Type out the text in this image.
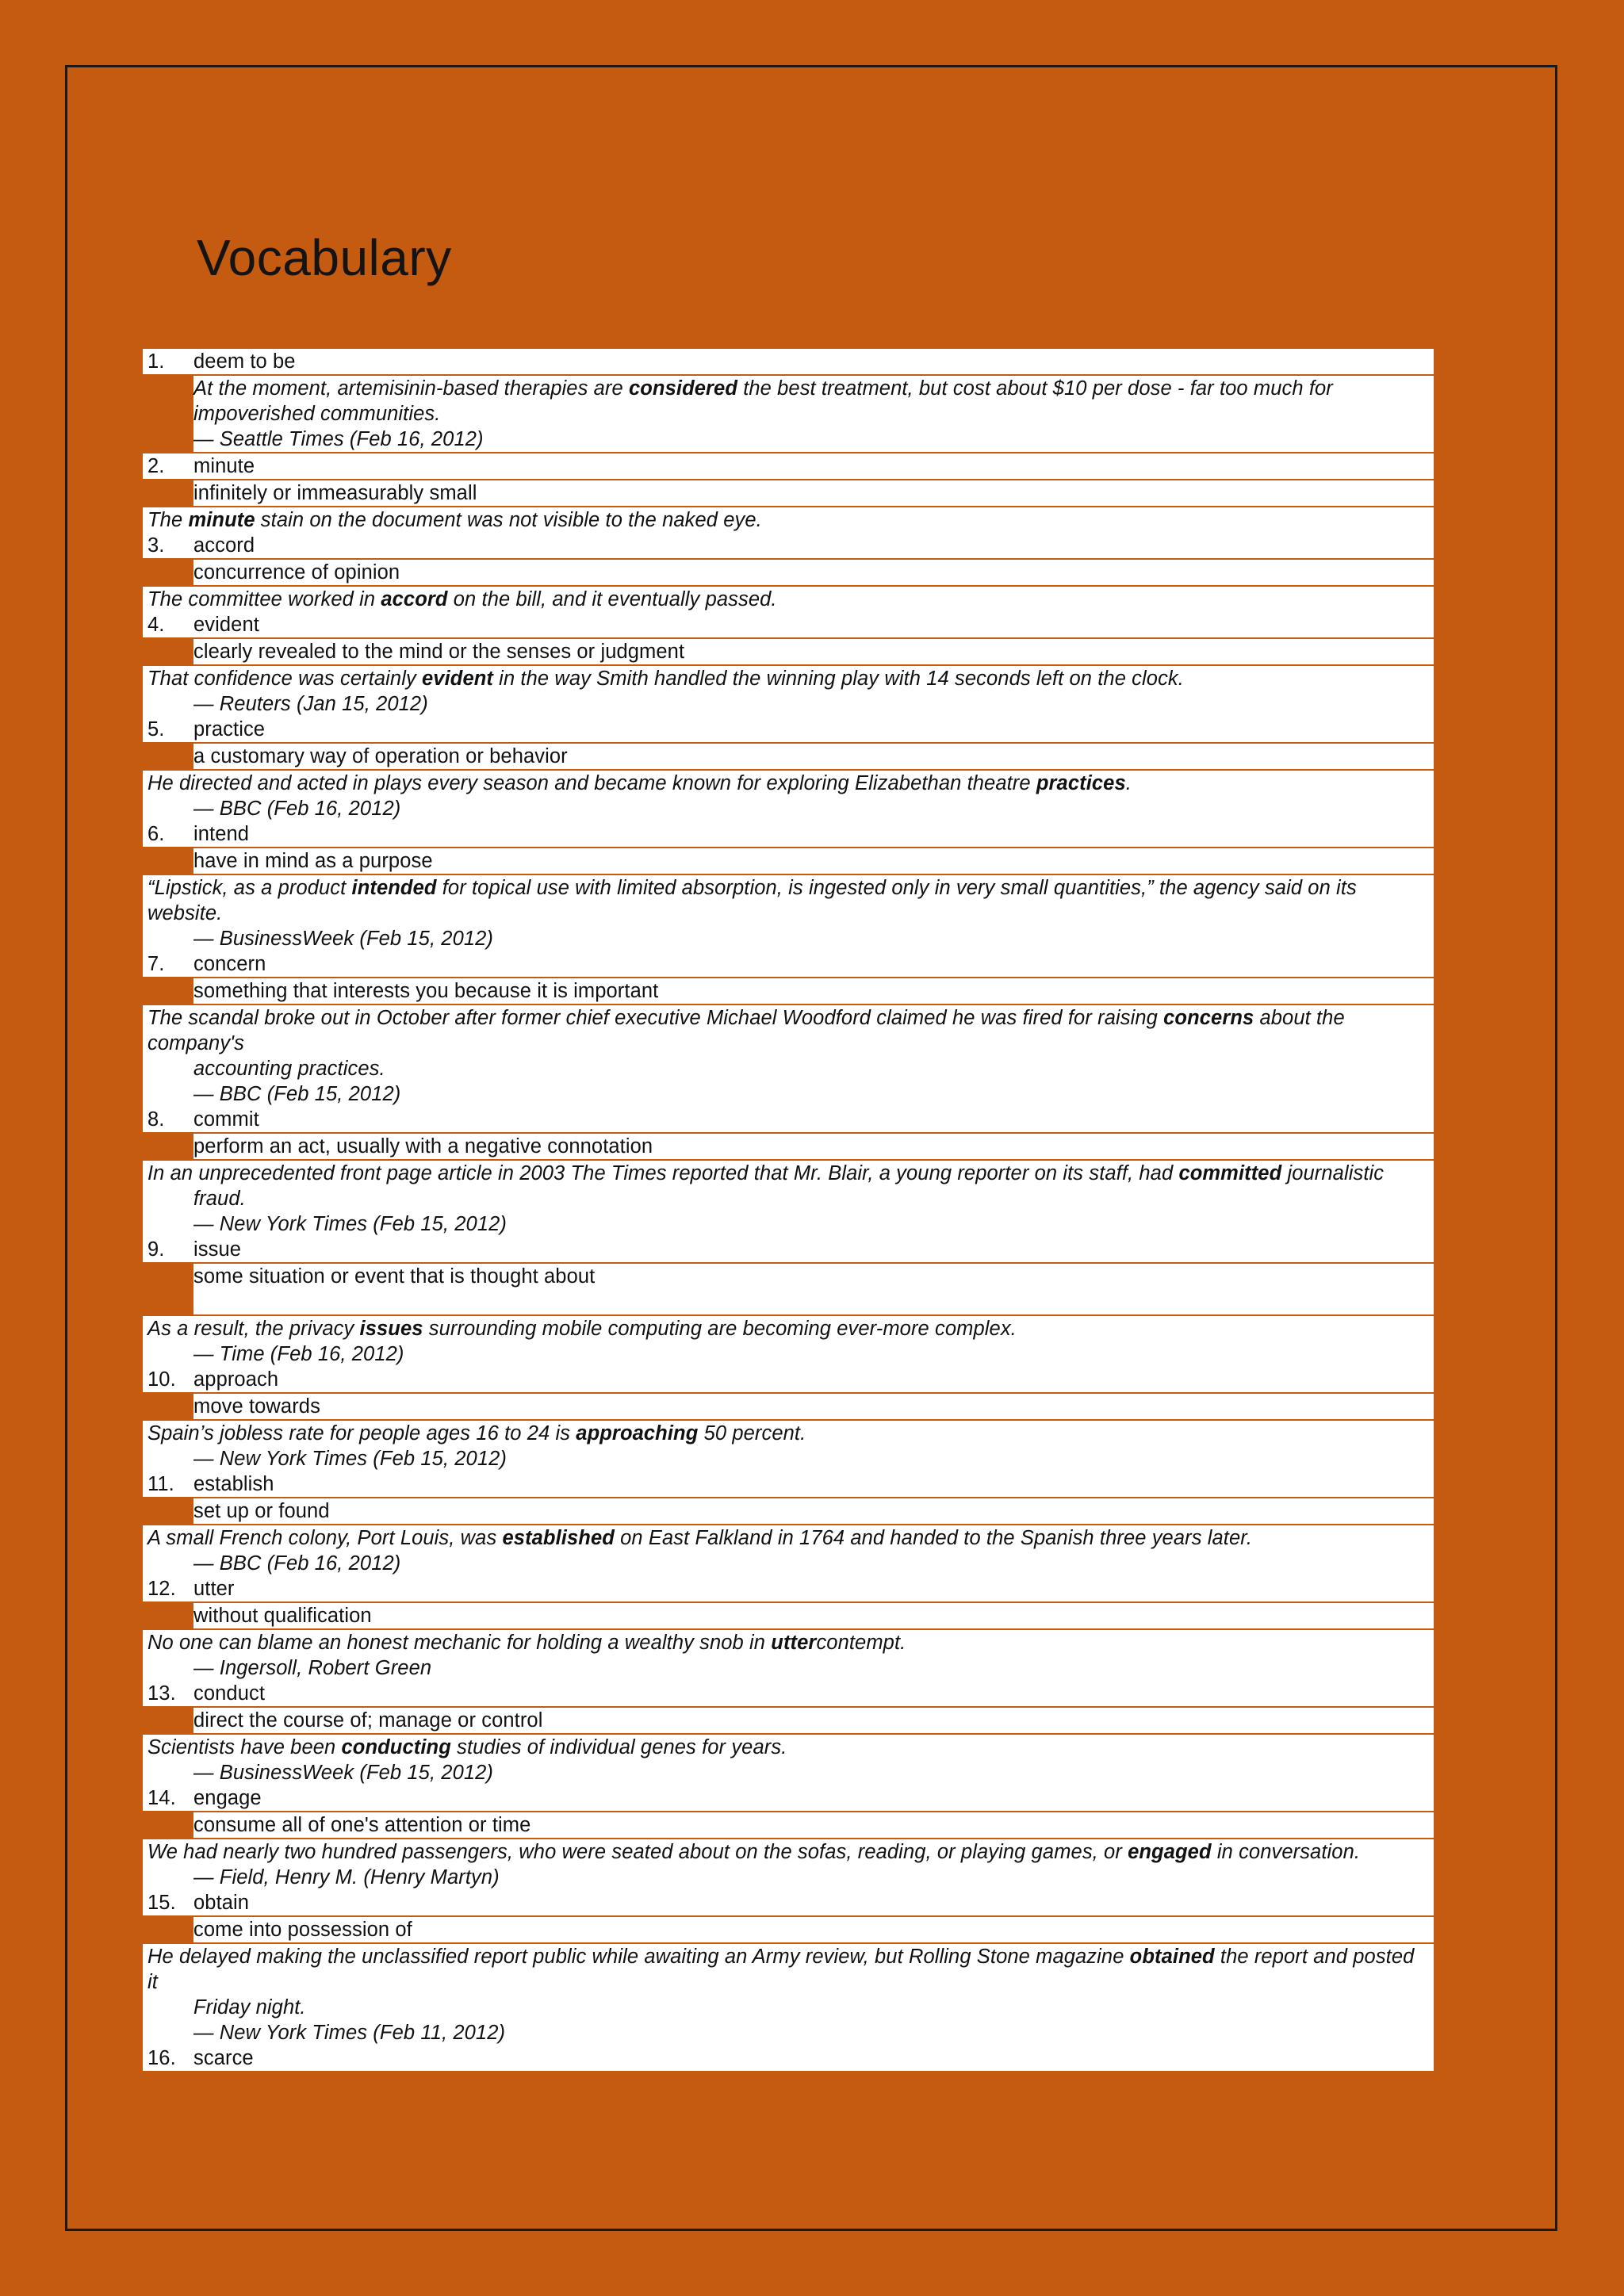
Vocabulary
1.	deem to be
At the moment, artemisinin-based therapies are considered the best treatment, but cost about $10 per dose - far too much for impoverished communities.
— Seattle Times (Feb 16, 2012)
2.	minute
infinitely or immeasurably small
The minute stain on the document was not visible to the naked eye.
3.	accord
concurrence of opinion
The committee worked in accord on the bill, and it eventually passed.
4.	evident
clearly revealed to the mind or the senses or judgment
That confidence was certainly evident in the way Smith handled the winning play with 14 seconds left on the clock.
— Reuters (Jan 15, 2012)
5.	practice
a customary way of operation or behavior
He directed and acted in plays every season and became known for exploring Elizabethan theatre practices.
— BBC (Feb 16, 2012)
6.	intend
have in mind as a purpose
“Lipstick, as a product intended for topical use with limited absorption, is ingested only in very small quantities,” the agency said on its website.
— BusinessWeek (Feb 15, 2012)
7.	concern
something that interests you because it is important
The scandal broke out in October after former chief executive Michael Woodford claimed he was fired for raising concerns about the company's
accounting practices.
— BBC (Feb 15, 2012)
8.	commit
perform an act, usually with a negative connotation
In an unprecedented front page article in 2003 The Times reported that Mr. Blair, a young reporter on its staff, had committed journalistic
fraud.
— New York Times (Feb 15, 2012)
9.	issue
some situation or event that is thought about
As a result, the privacy issues surrounding mobile computing are becoming ever-more complex.
— Time (Feb 16, 2012)
10. approach
move towards
Spain’s jobless rate for people ages 16 to 24 is approaching 50 percent.
— New York Times (Feb 15, 2012)
11. establish
set up or found
A small French colony, Port Louis, was established on East Falkland in 1764 and handed to the Spanish three years later.
— BBC (Feb 16, 2012)
12. utter
without qualification
No one can blame an honest mechanic for holding a wealthy snob in uttercontempt.
— Ingersoll, Robert Green
13. conduct
direct the course of; manage or control
Scientists have been conducting studies of individual genes for years.
— BusinessWeek (Feb 15, 2012)
14. engage
consume all of one's attention or time
We had nearly two hundred passengers, who were seated about on the sofas, reading, or playing games, or engaged in conversation.
— Field, Henry M. (Henry Martyn)
15. obtain
come into possession of
He delayed making the unclassified report public while awaiting an Army review, but Rolling Stone magazine obtained the report and posted it
Friday night.
— New York Times (Feb 11, 2012)
16. scarce
